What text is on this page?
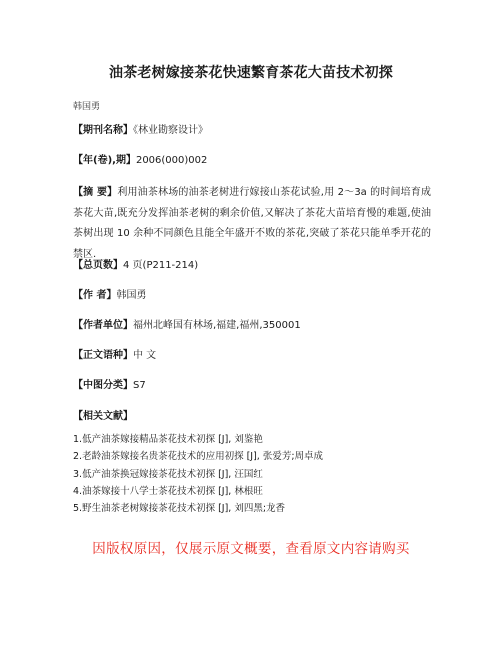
油茶老树嫁接茶花快速繁育茶花大苗技术初探
韩国勇
【期刊名称】《林业勘察设计》
【年(卷),期】2006(000)002
【摘 要】利用油茶林场的油茶老树进行嫁接山茶花试验,用 2～3a 的时间培育成茶花大苗,既充分发挥油茶老树的剩余价值,又解决了茶花大苗培育慢的难题,使油茶树出现 10 余种不同颜色且能全年盛开不败的茶花,突破了茶花只能单季开花的禁区.
【总页数】4 页(P211-214)
【作 者】韩国勇
【作者单位】福州北峰国有林场,福建,福州,350001
【正文语种】中 文
【中图分类】S7
【相关文献】
1.低产油茶嫁接精品茶花技术初探 [J], 刘鉴艳
2.老龄油茶嫁接名贵茶花技术的应用初探 [J], 张爱芳;周卓成
3.低产油茶换冠嫁接茶花技术初探 [J], 汪国红
4.油茶嫁接十八学士茶花技术初探 [J], 林根旺
5.野生油茶老树嫁接茶花技术初探 [J], 刘四黑;龙香
因版权原因，仅展示原文概要，查看原文内容请购买
